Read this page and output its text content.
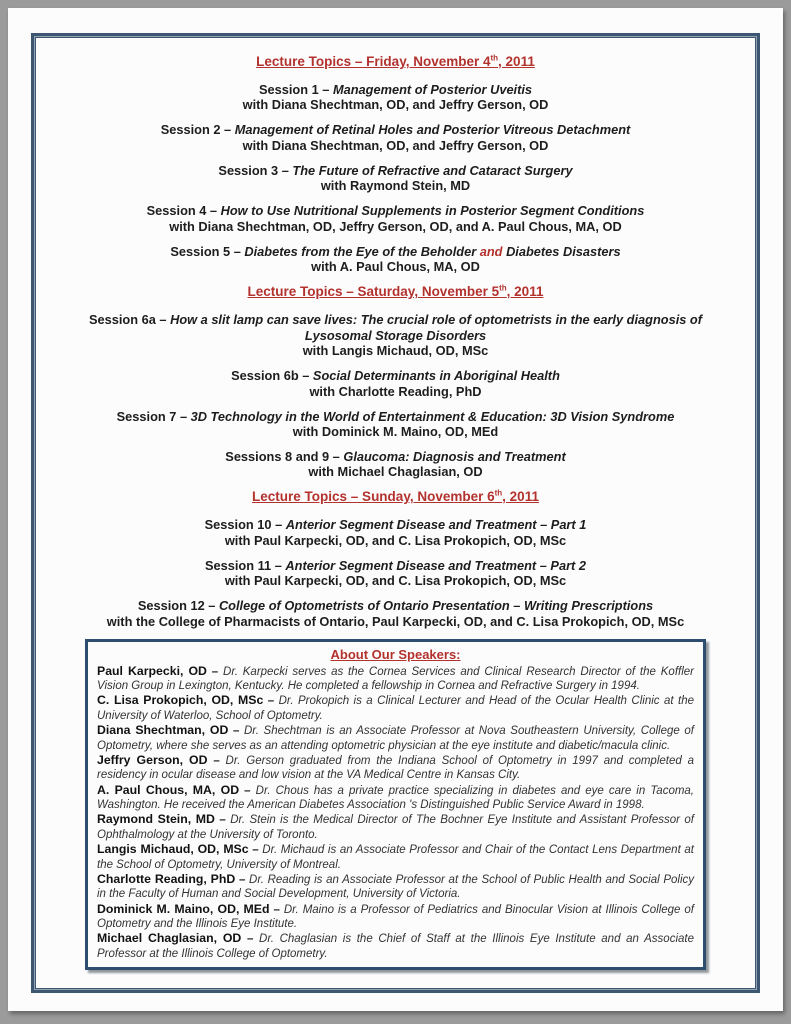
Lecture Topics – Friday, November 4th, 2011
Session 1 – Management of Posterior Uveitis
with Diana Shechtman, OD, and Jeffry Gerson, OD
Session 2 – Management of Retinal Holes and Posterior Vitreous Detachment
with Diana Shechtman, OD, and Jeffry Gerson, OD
Session 3 – The Future of Refractive and Cataract Surgery
with Raymond Stein, MD
Session 4 – How to Use Nutritional Supplements in Posterior Segment Conditions
with Diana Shechtman, OD, Jeffry Gerson, OD, and A. Paul Chous, MA, OD
Session 5 – Diabetes from the Eye of the Beholder and Diabetes Disasters
with A. Paul Chous, MA, OD
Lecture Topics – Saturday, November 5th, 2011
Session 6a – How a slit lamp can save lives: The crucial role of optometrists in the early diagnosis of Lysosomal Storage Disorders
with Langis Michaud, OD, MSc
Session 6b – Social Determinants in Aboriginal Health
with Charlotte Reading, PhD
Session 7 – 3D Technology in the World of Entertainment & Education: 3D Vision Syndrome
with Dominick M. Maino, OD, MEd
Sessions 8 and 9 – Glaucoma: Diagnosis and Treatment
with Michael Chaglasian, OD
Lecture Topics – Sunday, November 6th, 2011
Session 10 – Anterior Segment Disease and Treatment – Part 1
with Paul Karpecki, OD, and C. Lisa Prokopich, OD, MSc
Session 11 – Anterior Segment Disease and Treatment – Part 2
with Paul Karpecki, OD, and C. Lisa Prokopich, OD, MSc
Session 12 – College of Optometrists of Ontario Presentation – Writing Prescriptions
with the College of Pharmacists of Ontario, Paul Karpecki, OD, and C. Lisa Prokopich, OD, MSc
About Our Speakers:

Paul Karpecki, OD – Dr. Karpecki serves as the Cornea Services and Clinical Research Director of the Koffler Vision Group in Lexington, Kentucky. He completed a fellowship in Cornea and Refractive Surgery in 1994.

C. Lisa Prokopich, OD, MSc – Dr. Prokopich is a Clinical Lecturer and Head of the Ocular Health Clinic at the University of Waterloo, School of Optometry.

Diana Shechtman, OD – Dr. Shechtman is an Associate Professor at Nova Southeastern University, College of Optometry, where she serves as an attending optometric physician at the eye institute and diabetic/macula clinic.

Jeffry Gerson, OD – Dr. Gerson graduated from the Indiana School of Optometry in 1997 and completed a residency in ocular disease and low vision at the VA Medical Centre in Kansas City.

A. Paul Chous, MA, OD – Dr. Chous has a private practice specializing in diabetes and eye care in Tacoma, Washington. He received the American Diabetes Association 's Distinguished Public Service Award in 1998.

Raymond Stein, MD – Dr. Stein is the Medical Director of The Bochner Eye Institute and Assistant Professor of Ophthalmology at the University of Toronto.

Langis Michaud, OD, MSc – Dr. Michaud is an Associate Professor and Chair of the Contact Lens Department at the School of Optometry, University of Montreal.

Charlotte Reading, PhD – Dr. Reading is an Associate Professor at the School of Public Health and Social Policy in the Faculty of Human and Social Development, University of Victoria.

Dominick M. Maino, OD, MEd – Dr. Maino is a Professor of Pediatrics and Binocular Vision at Illinois College of Optometry and the Illinois Eye Institute.

Michael Chaglasian, OD – Dr. Chaglasian is the Chief of Staff at the Illinois Eye Institute and an Associate Professor at the Illinois College of Optometry.
